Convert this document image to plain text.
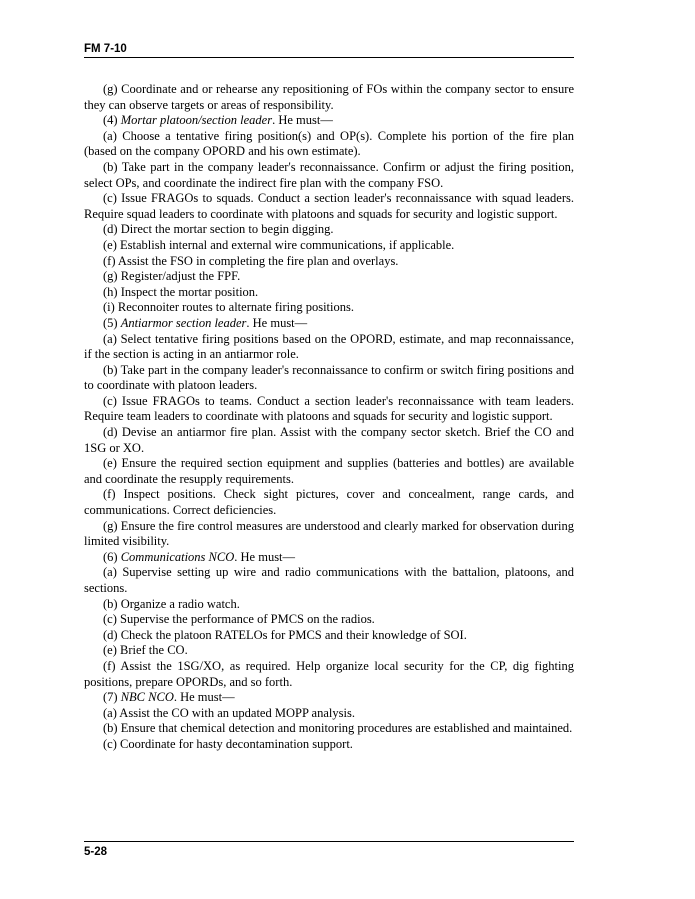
FM 7-10

(g) Coordinate and or rehearse any repositioning of FOs within the company sector to ensure they can observe targets or areas of responsibility.

(4) Mortar platoon/section leader. He must—

(a) Choose a tentative firing position(s) and OP(s). Complete his portion of the fire plan (based on the company OPORD and his own estimate).

(b) Take part in the company leader's reconnaissance. Confirm or adjust the firing position, select OPs, and coordinate the indirect fire plan with the company FSO.

(c) Issue FRAGOs to squads. Conduct a section leader's reconnaissance with squad leaders. Require squad leaders to coordinate with platoons and squads for security and logistic support.

(d) Direct the mortar section to begin digging.

(e) Establish internal and external wire communications, if applicable.

(f) Assist the FSO in completing the fire plan and overlays.

(g) Register/adjust the FPF.

(h) Inspect the mortar position.

(i) Reconnoiter routes to alternate firing positions.

(5) Antiarmor section leader. He must—

(a) Select tentative firing positions based on the OPORD, estimate, and map reconnaissance, if the section is acting in an antiarmor role.

(b) Take part in the company leader's reconnaissance to confirm or switch firing positions and to coordinate with platoon leaders.

(c) Issue FRAGOs to teams. Conduct a section leader's reconnaissance with team leaders. Require team leaders to coordinate with platoons and squads for security and logistic support.

(d) Devise an antiarmor fire plan. Assist with the company sector sketch. Brief the CO and 1SG or XO.

(e) Ensure the required section equipment and supplies (batteries and bottles) are available and coordinate the resupply requirements.

(f) Inspect positions. Check sight pictures, cover and concealment, range cards, and communications. Correct deficiencies.

(g) Ensure the fire control measures are understood and clearly marked for observation during limited visibility.

(6) Communications NCO. He must—

(a) Supervise setting up wire and radio communications with the battalion, platoons, and sections.

(b) Organize a radio watch.

(c) Supervise the performance of PMCS on the radios.

(d) Check the platoon RATELOs for PMCS and their knowledge of SOI.

(e) Brief the CO.

(f) Assist the 1SG/XO, as required. Help organize local security for the CP, dig fighting positions, prepare OPORDs, and so forth.

(7) NBC NCO. He must—

(a) Assist the CO with an updated MOPP analysis.

(b) Ensure that chemical detection and monitoring procedures are established and maintained.

(c) Coordinate for hasty decontamination support.

5-28
